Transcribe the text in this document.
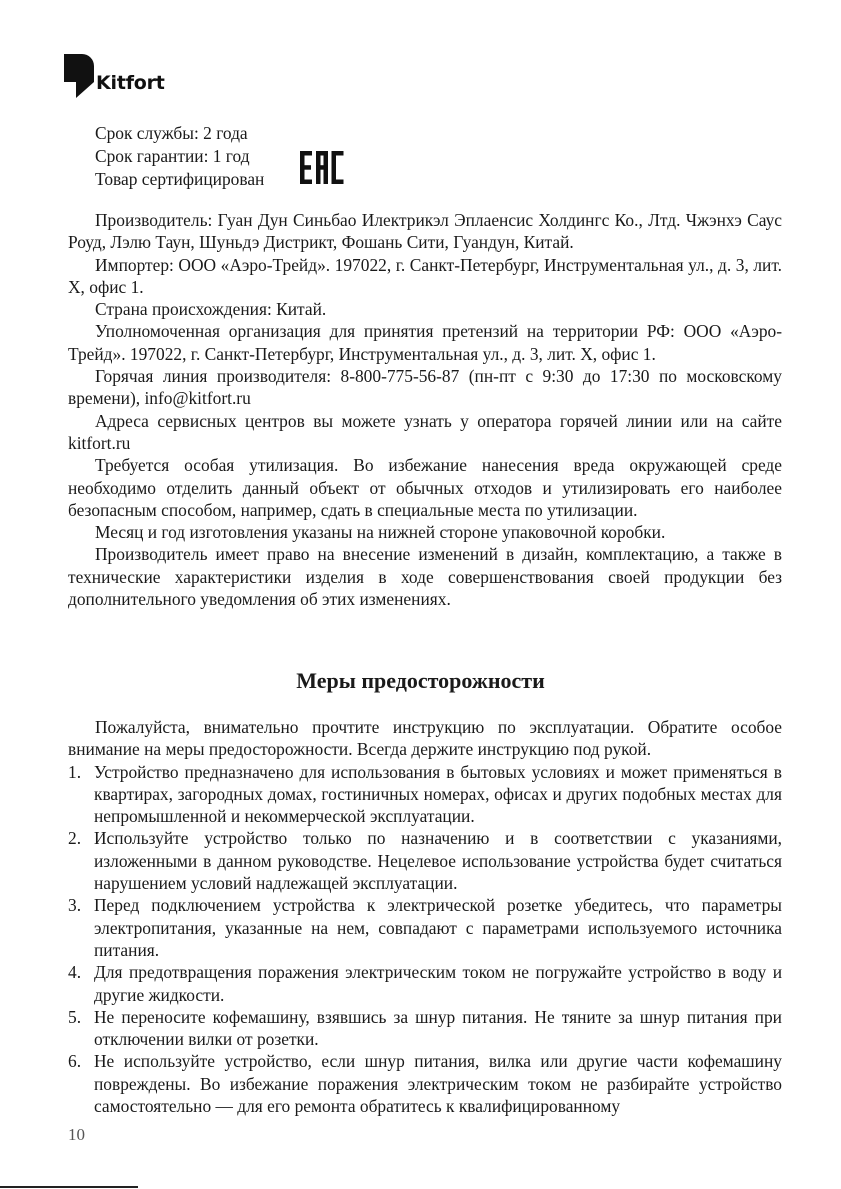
Kitfort
Срок службы: 2 года
Срок гарантии: 1 год
Товар сертифицирован

Производитель: Гуан Дун Синьбао Илектрикэл Эплаенсис Холдингс Ко., Лтд. Чжэнхэ Саус Роуд, Лэлю Таун, Шуньдэ Дистрикт, Фошань Сити, Гуандун, Китай.

Импортер: ООО «Аэро-Трейд». 197022, г. Санкт-Петербург, Инструментальная ул., д. 3, лит. Х, офис 1.

Страна происхождения: Китай.

Уполномоченная организация для принятия претензий на территории РФ: ООО «Аэро-Трейд». 197022, г. Санкт-Петербург, Инструментальная ул., д. 3, лит. Х, офис 1.

Горячая линия производителя: 8-800-775-56-87 (пн-пт с 9:30 до 17:30 по московскому времени), info@kitfort.ru

Адреса сервисных центров вы можете узнать у оператора горячей линии или на сайте kitfort.ru

Требуется особая утилизация. Во избежание нанесения вреда окружающей среде необходимо отделить данный объект от обычных отходов и утилизировать его наиболее безопасным способом, например, сдать в специальные места по утилизации.

Месяц и год изготовления указаны на нижней стороне упаковочной коробки.

Производитель имеет право на внесение изменений в дизайн, комплектацию, а также в технические характеристики изделия в ходе совершенствования своей продукции без дополнительного уведомления об этих изменениях.

Меры предосторожности

Пожалуйста, внимательно прочтите инструкцию по эксплуатации. Обратите особое внимание на меры предосторожности. Всегда держите инструкцию под рукой.

1. Устройство предназначено для использования в бытовых условиях и может применяться в квартирах, загородных домах, гостиничных номерах, офисах и других подобных местах для непромышленной и некоммерческой эксплуатации.
2. Используйте устройство только по назначению и в соответствии с указаниями, изложенными в данном руководстве. Нецелевое использование устройства будет считаться нарушением условий надлежащей эксплуатации.
3. Перед подключением устройства к электрической розетке убедитесь, что параметры электропитания, указанные на нем, совпадают с параметрами используемого источника питания.
4. Для предотвращения поражения электрическим током не погружайте устройство в воду и другие жидкости.
5. Не переносите кофемашину, взявшись за шнур питания. Не тяните за шнур питания при отключении вилки от розетки.
6. Не используйте устройство, если шнур питания, вилка или другие части кофемашину повреждены. Во избежание поражения электрическим током не разбирайте устройство самостоятельно — для его ремонта обратитесь к квалифицированному
10
